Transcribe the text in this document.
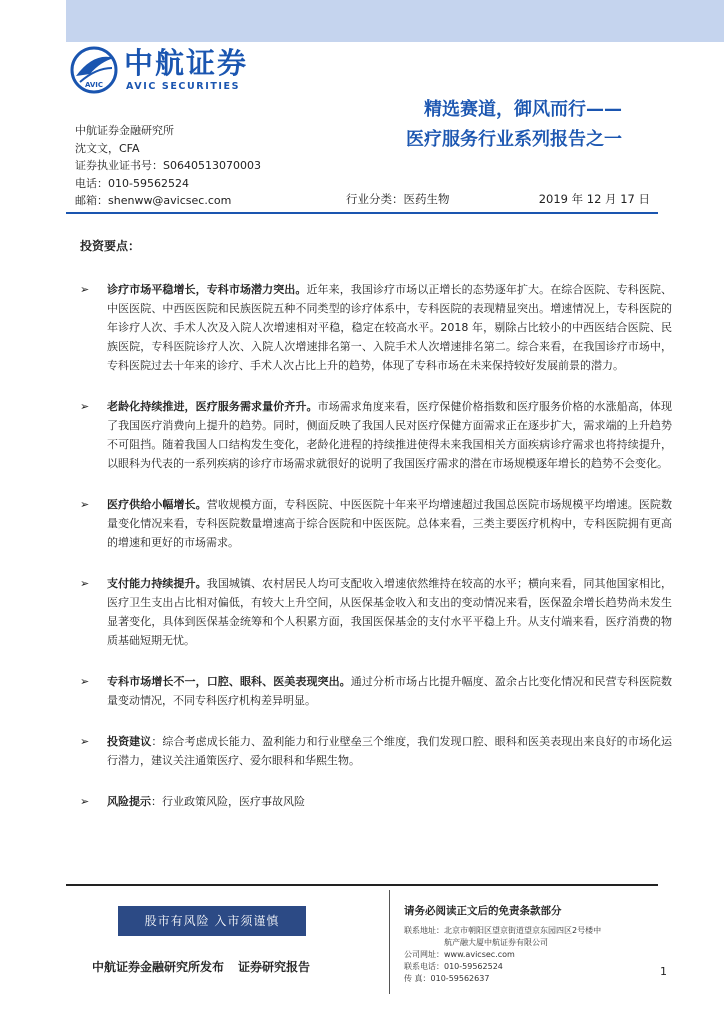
AVIC
中航证券
AVIC SECURITIES
精选赛道，御风而行——
医疗服务行业系列报告之一
中航证券金融研究所
沈文文，CFA
证券执业证书号：S0640513070003
电话：010-59562524
邮箱：shenww@avicsec.com	行业分类：医药生物	2019 年 12 月 17 日
投资要点：
➢ 诊疗市场平稳增长，专科市场潜力突出。近年来，我国诊疗市场以正增长的态势逐年扩大。在综合医院、专科医院、中医医院、中西医医院和民族医院五种不同类型的诊疗体系中，专科医院的表现精显突出。增速情况上，专科医院的年诊疗人次、手术人次及入院人次增速相对平稳，稳定在较高水平。2018 年，剔除占比较小的中西医结合医院、民族医院，专科医院诊疗人次、入院人次增速排名第一、入院手术人次增速排名第二。综合来看，在我国诊疗市场中，专科医院过去十年来的诊疗、手术人次占比上升的趋势，体现了专科市场在未来保持较好发展前景的潜力。
➢ 老龄化持续推进，医疗服务需求量价齐升。市场需求角度来看，医疗保健价格指数和医疗服务价格的水涨船高，体现了我国医疗消费向上提升的趋势。同时，侧面反映了我国人民对医疗保健方面需求正在逐步扩大，需求端的上升趋势不可阻挡。随着我国人口结构发生变化，老龄化进程的持续推进使得未来我国相关方面疾病诊疗需求也将持续提升，以眼科为代表的一系列疾病的诊疗市场需求就很好的说明了我国医疗需求的潜在市场规模逐年增长的趋势不会变化。
➢ 医疗供给小幅增长。营收规模方面，专科医院、中医医院十年来平均增速超过我国总医院市场规模平均增速。医院数量变化情况来看，专科医院数量增速高于综合医院和中医医院。总体来看，三类主要医疗机构中，专科医院拥有更高的增速和更好的市场需求。
➢ 支付能力持续提升。我国城镇、农村居民人均可支配收入增速依然维持在较高的水平；横向来看，同其他国家相比，医疗卫生支出占比相对偏低，有较大上升空间，从医保基金收入和支出的变动情况来看，医保盈余增长趋势尚未发生显著变化，具体到医保基金统筹和个人积累方面，我国医保基金的支付水平平稳上升。从支付端来看，医疗消费的物质基础短期无忧。
➢ 专科市场增长不一，口腔、眼科、医美表现突出。通过分析市场占比提升幅度、盈余占比变化情况和民营专科医院数量变动情况，不同专科医疗机构差异明显。
➢ 投资建议：综合考虑成长能力、盈利能力和行业壁垒三个维度，我们发现口腔、眼科和医美表现出来良好的市场化运行潜力，建议关注通策医疗、爱尔眼科和华熙生物。
➢ 风险提示：行业政策风险，医疗事故风险
股市有风险 入市须谨慎
中航证券金融研究所发布 证券研究报告
请务必阅读正文后的免责条款部分
联系地址：北京市朝阳区望京街道望京东园四区2号楼中
航产融大厦中航证券有限公司
公司网址：www.avicsec.com
联系电话：010-59562524
传 真：010-59562637
1
